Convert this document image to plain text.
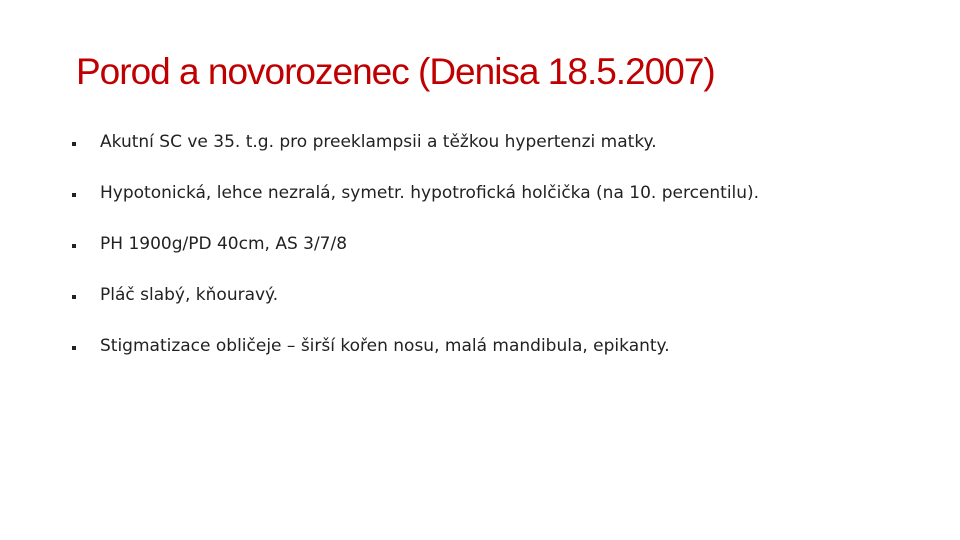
Porod a novorozenec (Denisa 18.5.2007)
Akutní SC ve 35. t.g. pro preeklampsii a těžkou hypertenzi matky.
Hypotonická, lehce nezralá, symetr. hypotrofická holčička (na 10. percentilu).
PH 1900g/PD 40cm, AS 3/7/8
Pláč slabý, kňouravý.
Stigmatizace obličeje – širší kořen nosu, malá mandibula, epikanty.
